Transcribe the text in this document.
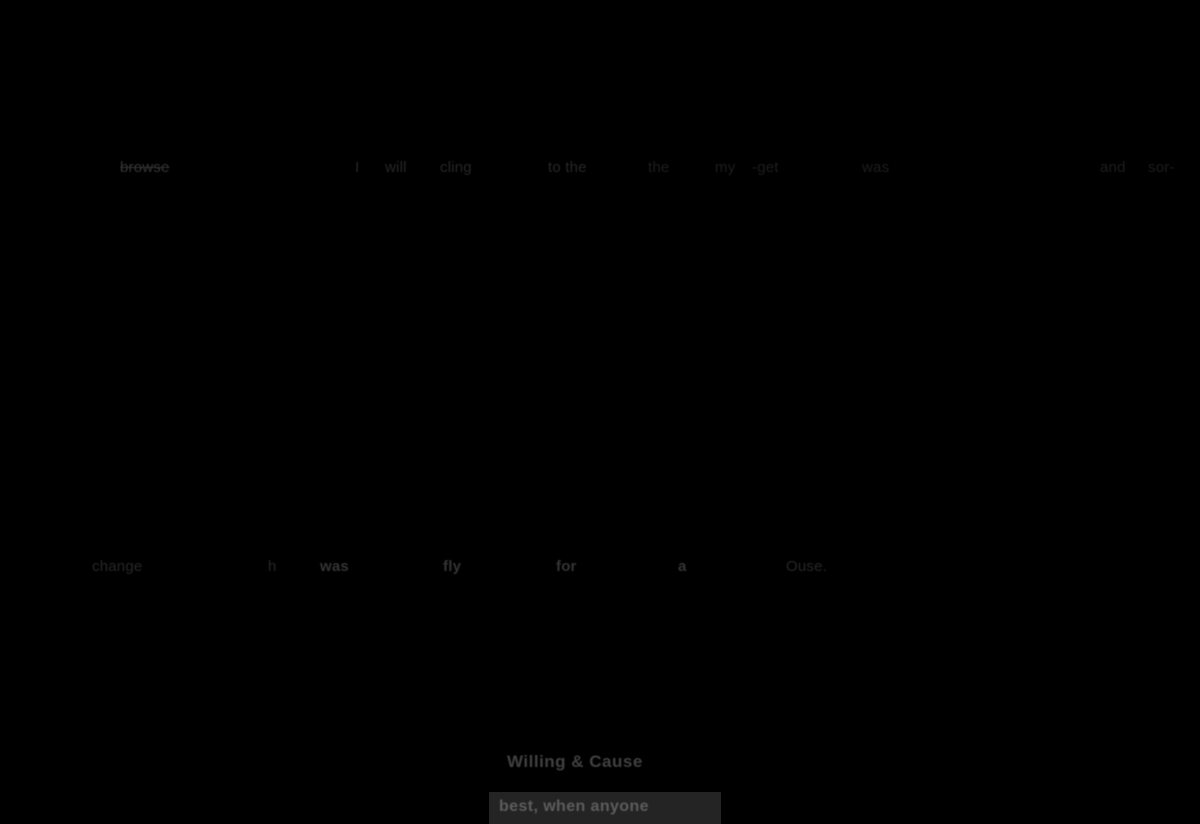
browse	I will cling	to the	the	my -get	was	and sor-
change	h	was	fly	for	a	Ouse.
Willing & Cause
best, when anyone
